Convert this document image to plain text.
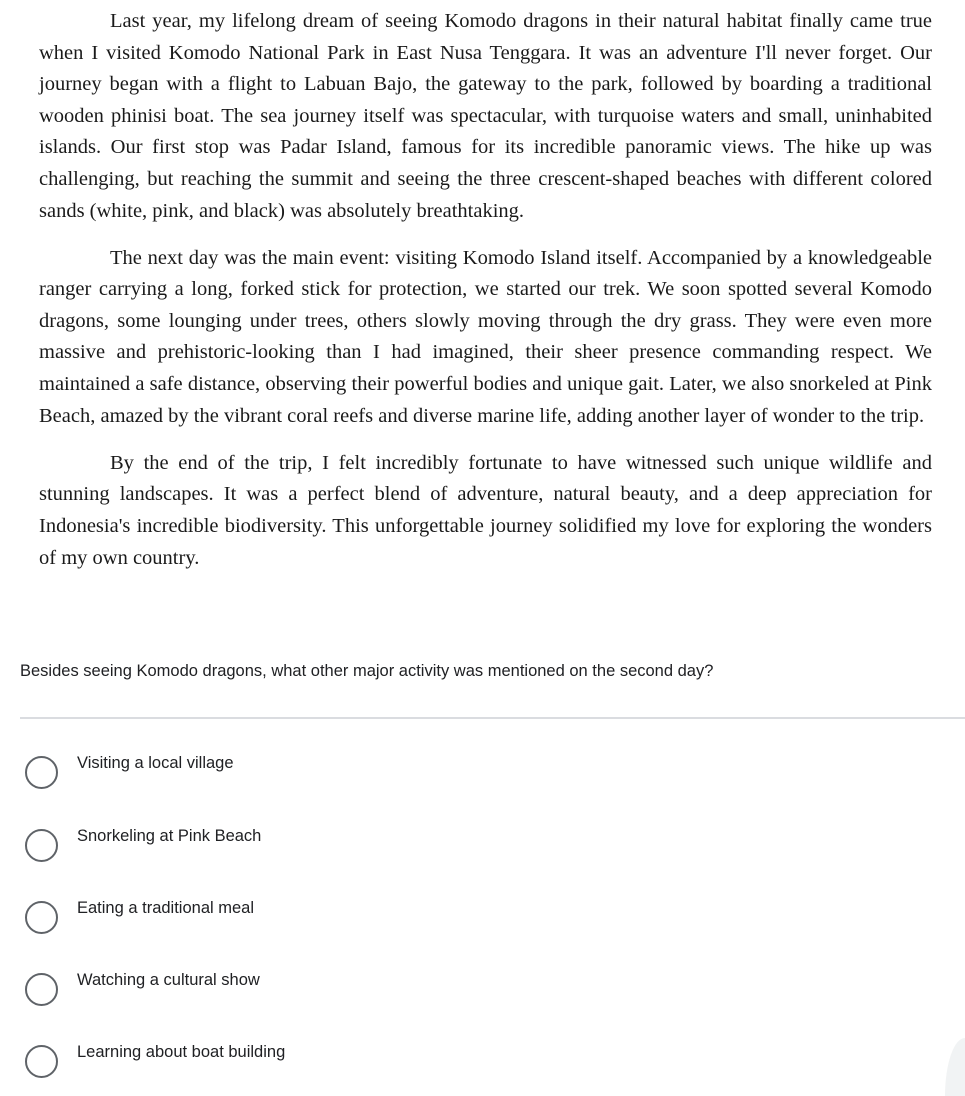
Last year, my lifelong dream of seeing Komodo dragons in their natural habitat finally came true when I visited Komodo National Park in East Nusa Tenggara. It was an adventure I'll never forget. Our journey began with a flight to Labuan Bajo, the gateway to the park, followed by boarding a traditional wooden phinisi boat. The sea journey itself was spectacular, with turquoise waters and small, uninhabited islands. Our first stop was Padar Island, famous for its incredible panoramic views. The hike up was challenging, but reaching the summit and seeing the three crescent-shaped beaches with different colored sands (white, pink, and black) was absolutely breathtaking.

The next day was the main event: visiting Komodo Island itself. Accompanied by a knowledgeable ranger carrying a long, forked stick for protection, we started our trek. We soon spotted several Komodo dragons, some lounging under trees, others slowly moving through the dry grass. They were even more massive and prehistoric-looking than I had imagined, their sheer presence commanding respect. We maintained a safe distance, observing their powerful bodies and unique gait. Later, we also snorkeled at Pink Beach, amazed by the vibrant coral reefs and diverse marine life, adding another layer of wonder to the trip.

By the end of the trip, I felt incredibly fortunate to have witnessed such unique wildlife and stunning landscapes. It was a perfect blend of adventure, natural beauty, and a deep appreciation for Indonesia's incredible biodiversity. This unforgettable journey solidified my love for exploring the wonders of my own country.

Besides seeing Komodo dragons, what other major activity was mentioned on the second day?
Visiting a local village
Snorkeling at Pink Beach
Eating a traditional meal
Watching a cultural show
Learning about boat building
